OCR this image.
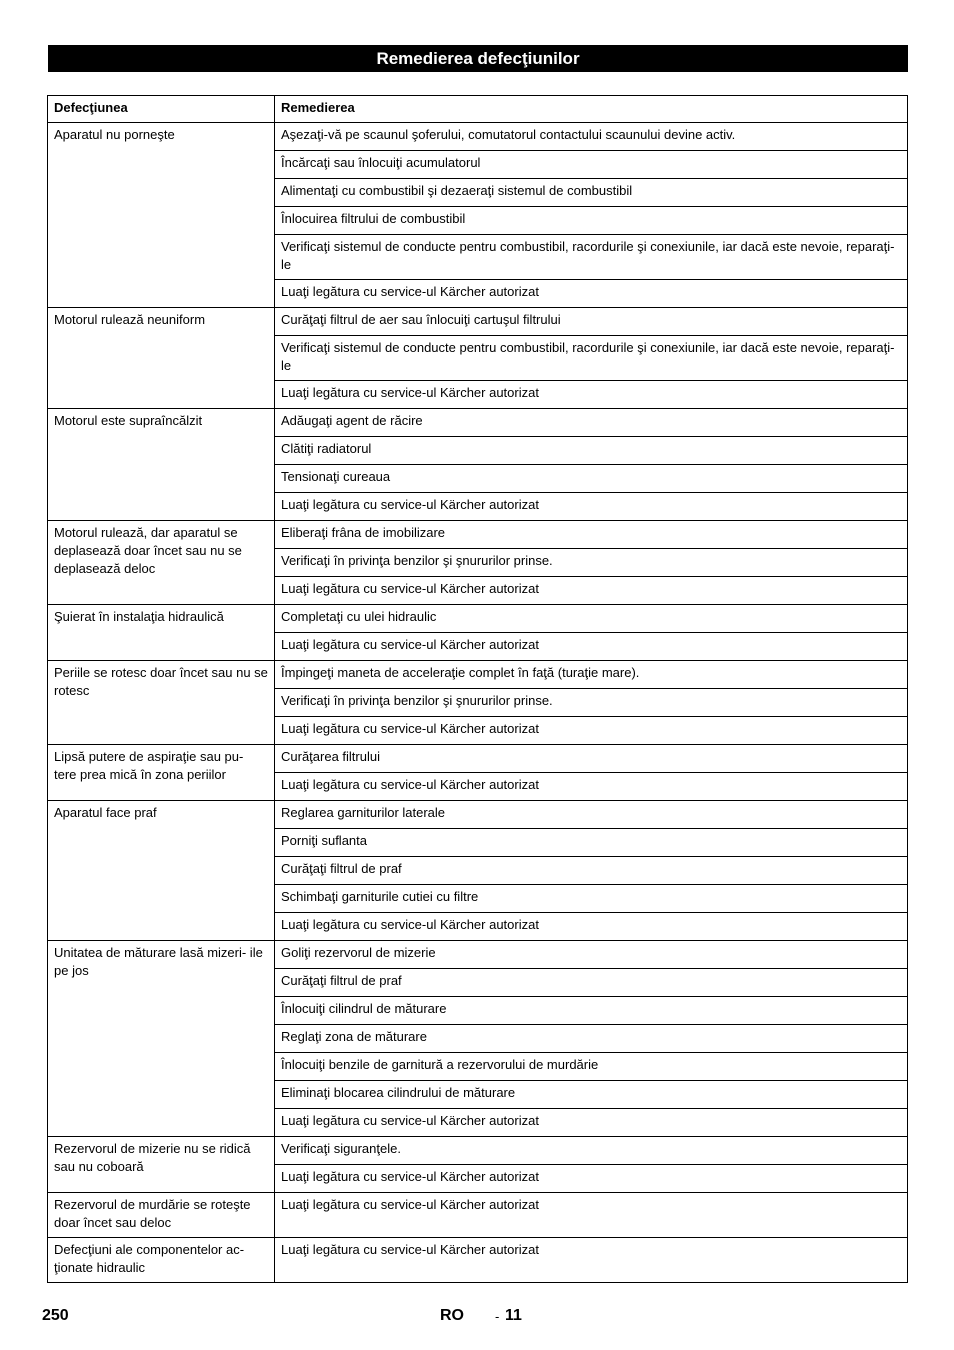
Remedierea defecţiunilor
Defecţiunea	Remedierea
Aparatul nu porneşte	Aşezaţi-vă pe scaunul şoferului, comutatorul contactului scaunului devine activ.
	Încărcaţi sau înlocuiţi acumulatorul
	Alimentaţi cu combustibil şi dezaeraţi sistemul de combustibil
	Înlocuirea filtrului de combustibil
	Verificaţi sistemul de conducte pentru combustibil, racordurile şi conexiunile, iar dacă este nevoie, reparaţi-le
	Luaţi legătura cu service-ul Kärcher autorizat
Motorul rulează neuniform	Curăţaţi filtrul de aer sau înlocuiţi cartuşul filtrului
	Verificaţi sistemul de conducte pentru combustibil, racordurile şi conexiunile, iar dacă este nevoie, reparaţi-le
	Luaţi legătura cu service-ul Kärcher autorizat
Motorul este supraîncălzit	Adăugaţi agent de răcire
	Clătiţi radiatorul
	Tensionaţi cureaua
	Luaţi legătura cu service-ul Kärcher autorizat
Motorul rulează, dar aparatul se deplasează doar încet sau nu se deplasează deloc	Eliberaţi frâna de imobilizare
	Verificaţi în privinţa benzilor şi şnururilor prinse.
	Luaţi legătura cu service-ul Kärcher autorizat
Şuierat în instalaţia hidraulică	Completaţi cu ulei hidraulic
	Luaţi legătura cu service-ul Kärcher autorizat
Periile se rotesc doar încet sau nu se rotesc	Împingeţi maneta de acceleraţie complet în faţă (turaţie mare).
	Verificaţi în privinţa benzilor şi şnururilor prinse.
	Luaţi legătura cu service-ul Kärcher autorizat
Lipsă putere de aspiraţie sau pu- tere prea mică în zona periilor	Curăţarea filtrului
	Luaţi legătura cu service-ul Kärcher autorizat
Aparatul face praf	Reglarea garniturilor laterale
	Porniţi suflanta
	Curăţaţi filtrul de praf
	Schimbaţi garniturile cutiei cu filtre
	Luaţi legătura cu service-ul Kärcher autorizat
Unitatea de măturare lasă mizeri- ile pe jos	Goliţi rezervorul de mizerie
	Curăţaţi filtrul de praf
	Înlocuiţi cilindrul de măturare
	Reglaţi zona de măturare
	Înlocuiţi benzile de garnitură a rezervorului de murdărie
	Eliminaţi blocarea cilindrului de măturare
	Luaţi legătura cu service-ul Kärcher autorizat
Rezervorul de mizerie nu se ridică sau nu coboară	Verificaţi siguranţele.
	Luaţi legătura cu service-ul Kärcher autorizat
Rezervorul de murdărie se roteşte doar încet sau deloc	Luaţi legătura cu service-ul Kärcher autorizat
Defecţiuni ale componentelor ac- ţionate hidraulic	Luaţi legătura cu service-ul Kärcher autorizat
250	RO - 11
